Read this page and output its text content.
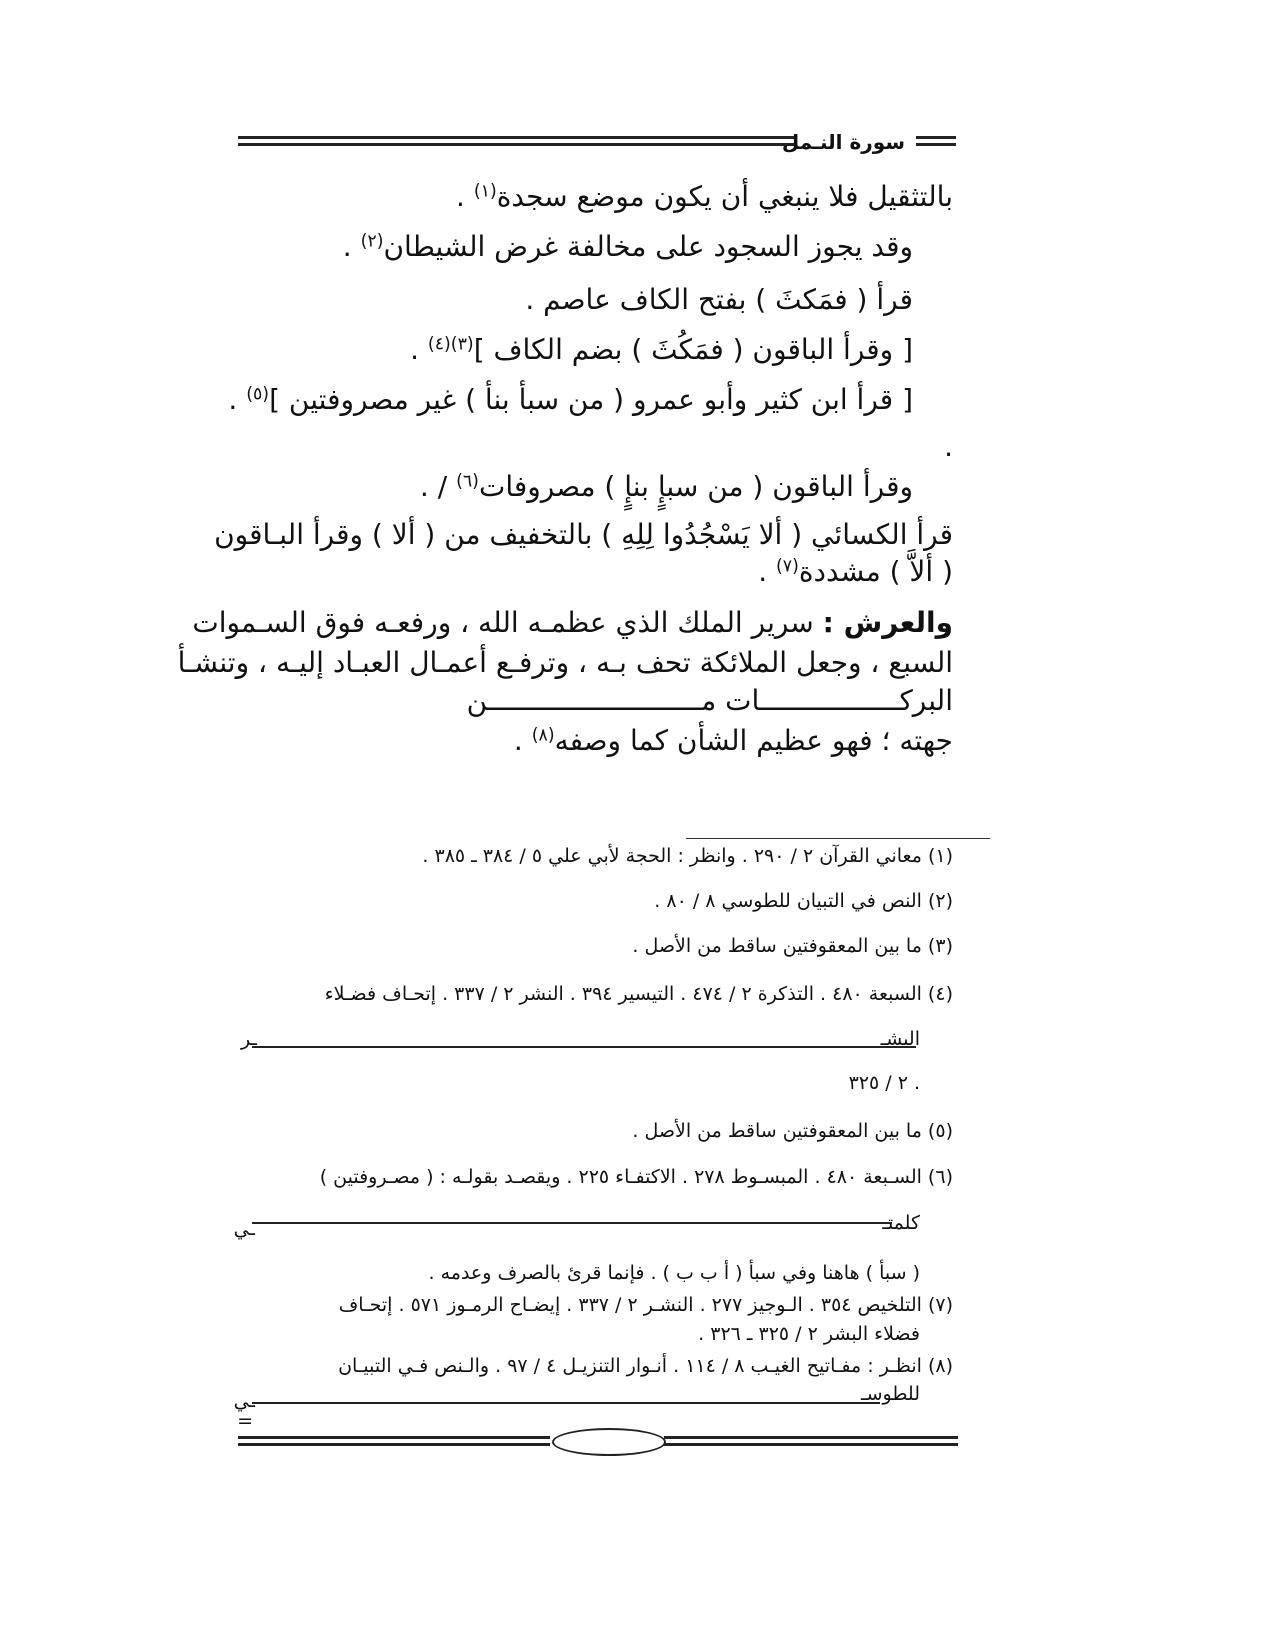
سورة النـمل
بالتثقيل فلا ينبغي أن يكون موضع سجدة$^{(١)}$ .
وقد يجوز السجود على مخالفة غرض الشيطان$^{(٢)}$ .
قرأ ( فمَكثَ ) بفتح الكاف عاصم .
[ وقرأ الباقون ( فمَكُثَ ) بضم الكاف ]$^{(٣)(٤)}$ .
[ قرأ ابن كثير وأبو عمرو ( من سبأ بنأ ) غير مصروفتين ]$^{(٥)}$ .
.
وقرأ الباقون ( من سبإٍ بنإٍ ) مصروفات$^{(٦)}$ / .
قرأ الكسائي ( ألا يَسْجُدُوا لِلِهِ ) بالتخفيف من ( ألا ) وقرأ البـاقون
( ألاَّ ) مشددة$^{(٧)}$ .
والعرش : سرير الملك الذي عظمـه الله ، ورفعـه فوق السـموات
السبع ، وجعل الملائكة تحف بـه ، وترفـع أعمـال العبـاد إليـه ، وتنشـأ
البركـــــــــــــــــات مــــــــــــــــــــــــــن
جهته ؛ فهو عظيم الشأن كما وصفه$^{(٨)}$ .
(١) معاني القرآن ٢ / ٢٩٠ . وانظر : الحجة لأبي علي ٥ / ٣٨٤ ـ ٣٨٥ .
(٢) النص في التبيان للطوسي ٨ / ٨٠ .
(٣) ما بين المعقوفتين ساقط من الأصل .
(٤) السبعة ٤٨٠ . التذكرة ٢ / ٤٧٤ . التيسير ٣٩٤ . النشر ٢ / ٣٣٧ . إتحـاف فضـلاء
البشـ
ـر
٢ / ٣٢٥ .
(٥) ما بين المعقوفتين ساقط من الأصل .
(٦) السـبعة ٤٨٠ . المبسـوط ٢٧٨ . الاكتفـاء ٢٢٥ . ويقصـد بقولـه : ( مصـروفتين )
كلمتـ
ـي
( سبأ ) هاهنا وفي سبأ ( أ ب ب ) . فإنما قرئ بالصرف وعدمه .
(٧) التلخيص ٣٥٤ . الـوجيز ٢٧٧ . النشـر ٢ / ٣٣٧ . إيضـاح الرمـوز ٥٧١ . إتحـاف
فضلاء البشر ٢ / ٣٢٥ ـ ٣٢٦ .
(٨) انظـر : مفـاتيح الغيـب ٨ / ١١٤ . أنـوار التنزيـل ٤ / ٩٧ . والـنص فـي التبيـان
للطوسـ
ـي
=
